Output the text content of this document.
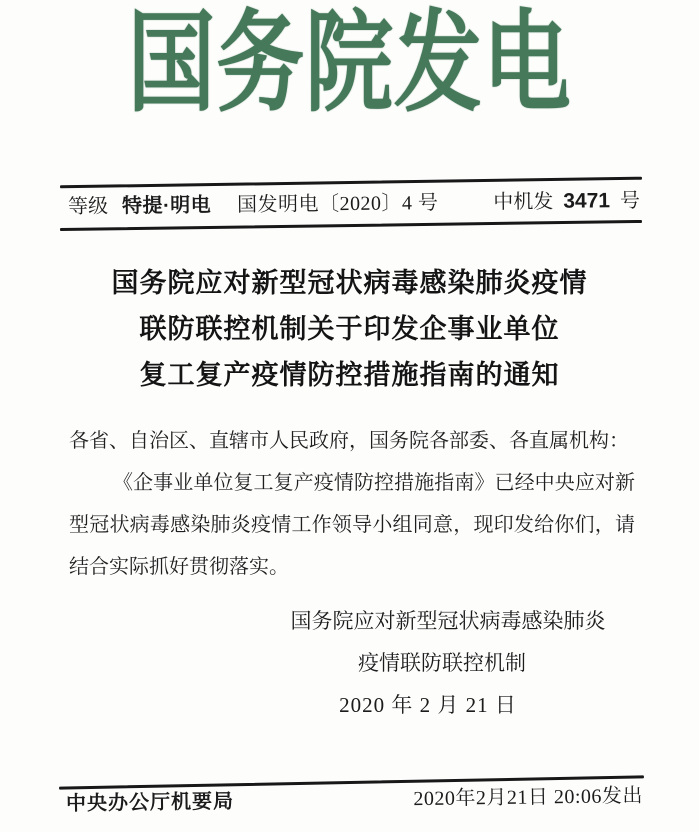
国务院发电
等级 特提·明电 国发明电〔2020〕4 号	中机发 3471 号
国务院应对新型冠状病毒感染肺炎疫情
联防联控机制关于印发企事业单位
复工复产疫情防控措施指南的通知

各省、自治区、直辖市人民政府，国务院各部委、各直属机构：

《企事业单位复工复产疫情防控措施指南》已经中央应对新型冠状病毒感染肺炎疫情工作领导小组同意，现印发给你们，请结合实际抓好贯彻落实。

国务院应对新型冠状病毒感染肺炎
疫情联防联控机制
2020 年 2 月 21 日
中央办公厅机要局	2020年2月21日 20:06发出
